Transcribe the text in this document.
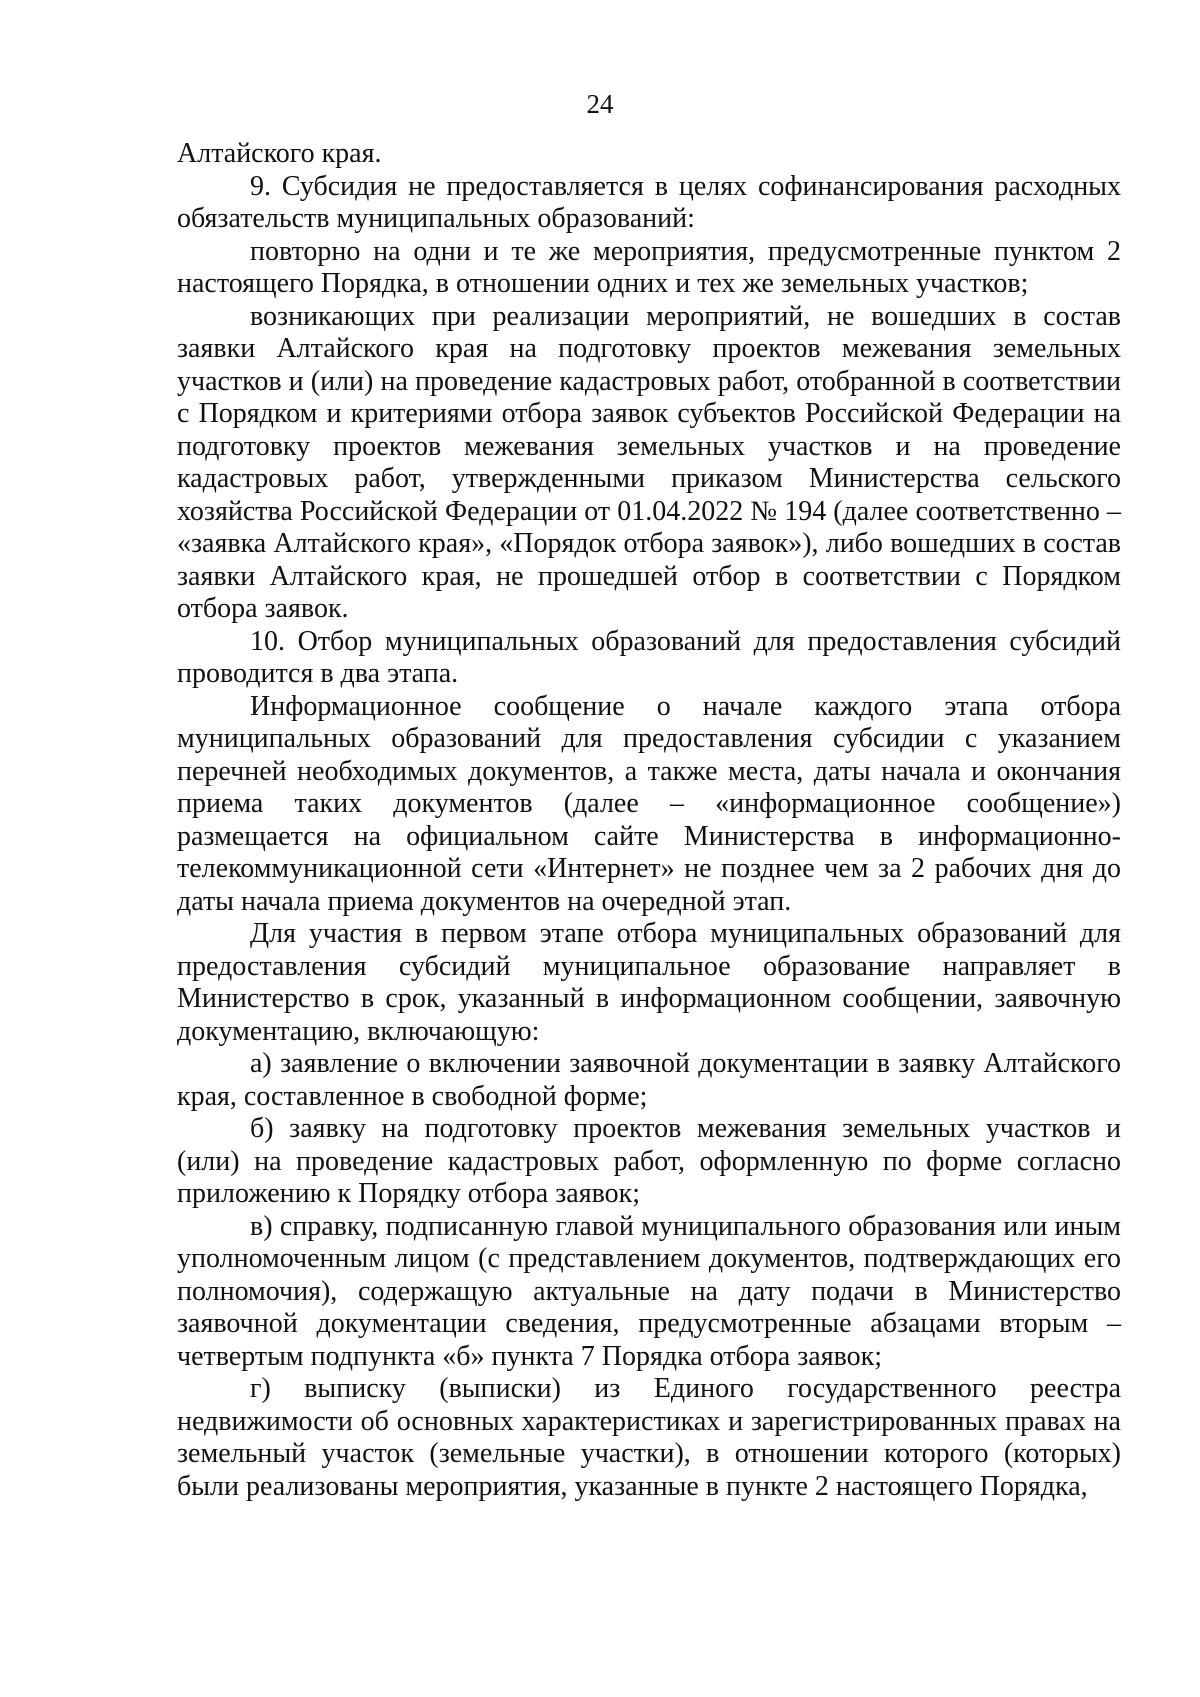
24

Алтайского края.

9. Субсидия не предоставляется в целях софинансирования расходных обязательств муниципальных образований:

повторно на одни и те же мероприятия, предусмотренные пунктом 2 настоящего Порядка, в отношении одних и тех же земельных участков;

возникающих при реализации мероприятий, не вошедших в состав заявки Алтайского края на подготовку проектов межевания земельных участков и (или) на проведение кадастровых работ, отобранной в соответствии с Порядком и критериями отбора заявок субъектов Российской Федерации на подготовку проектов межевания земельных участков и на проведение кадастровых работ, утвержденными приказом Министерства сельского хозяйства Российской Федерации от 01.04.2022 № 194 (далее соответственно – «заявка Алтайского края», «Порядок отбора заявок»), либо вошедших в состав заявки Алтайского края, не прошедшей отбор в соответствии с Порядком отбора заявок.

10. Отбор муниципальных образований для предоставления субсидий проводится в два этапа.

Информационное сообщение о начале каждого этапа отбора муниципальных образований для предоставления субсидии с указанием перечней необходимых документов, а также места, даты начала и окончания приема таких документов (далее – «информационное сообщение») размещается на официальном сайте Министерства в информационно-телекоммуникационной сети «Интернет» не позднее чем за 2 рабочих дня до даты начала приема документов на очередной этап.

Для участия в первом этапе отбора муниципальных образований для предоставления субсидий муниципальное образование направляет в Министерство в срок, указанный в информационном сообщении, заявочную документацию, включающую:

а) заявление о включении заявочной документации в заявку Алтайского края, составленное в свободной форме;

б) заявку на подготовку проектов межевания земельных участков и (или) на проведение кадастровых работ, оформленную по форме согласно приложению к Порядку отбора заявок;

в) справку, подписанную главой муниципального образования или иным уполномоченным лицом (с представлением документов, подтверждающих его полномочия), содержащую актуальные на дату подачи в Министерство заявочной документации сведения, предусмотренные абзацами вторым – четвертым подпункта «б» пункта 7 Порядка отбора заявок;

г) выписку (выписки) из Единого государственного реестра недвижимости об основных характеристиках и зарегистрированных правах на земельный участок (земельные участки), в отношении которого (которых) были реализованы мероприятия, указанные в пункте 2 настоящего Порядка,
